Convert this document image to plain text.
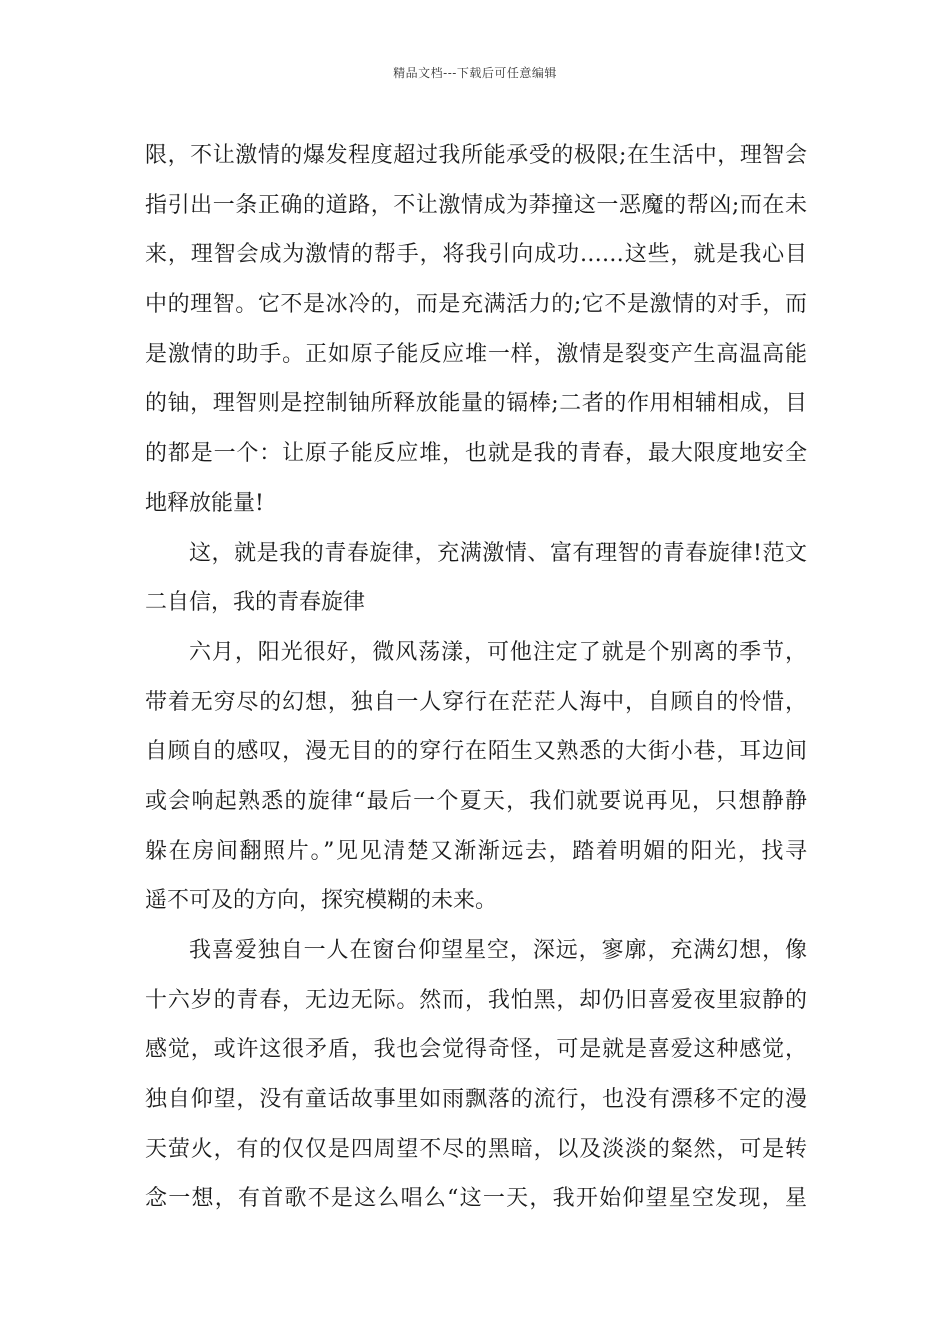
精品文档---下载后可任意编辑
限，不让激情的爆发程度超过我所能承受的极限;在生活中，理智会
指引出一条正确的道路，不让激情成为莽撞这一恶魔的帮凶;而在未
来，理智会成为激情的帮手，将我引向成功……这些，就是我心目
中的理智。它不是冰冷的，而是充满活力的;它不是激情的对手，而
是激情的助手。正如原子能反应堆一样，激情是裂变产生高温高能
的铀，理智则是控制铀所释放能量的镉棒;二者的作用相辅相成，目
的都是一个：让原子能反应堆，也就是我的青春，最大限度地安全
地释放能量!
这，就是我的青春旋律，充满激情、富有理智的青春旋律!范文
二自信，我的青春旋律
六月，阳光很好，微风荡漾，可他注定了就是个别离的季节，
带着无穷尽的幻想，独自一人穿行在茫茫人海中，自顾自的怜惜，
自顾自的感叹，漫无目的的穿行在陌生又熟悉的大街小巷，耳边间
或会响起熟悉的旋律“最后一个夏天，我们就要说再见，只想静静
躲在房间翻照片。”见见清楚又渐渐远去，踏着明媚的阳光，找寻
遥不可及的方向，探究模糊的未来。
我喜爱独自一人在窗台仰望星空，深远，寥廓，充满幻想，像
十六岁的青春，无边无际。然而，我怕黑，却仍旧喜爱夜里寂静的
感觉，或许这很矛盾，我也会觉得奇怪，可是就是喜爱这种感觉，
独自仰望，没有童话故事里如雨飘落的流行，也没有漂移不定的漫
天萤火，有的仅仅是四周望不尽的黑暗，以及淡淡的粲然，可是转
念一想，有首歌不是这么唱么“这一天，我开始仰望星空发现，星
